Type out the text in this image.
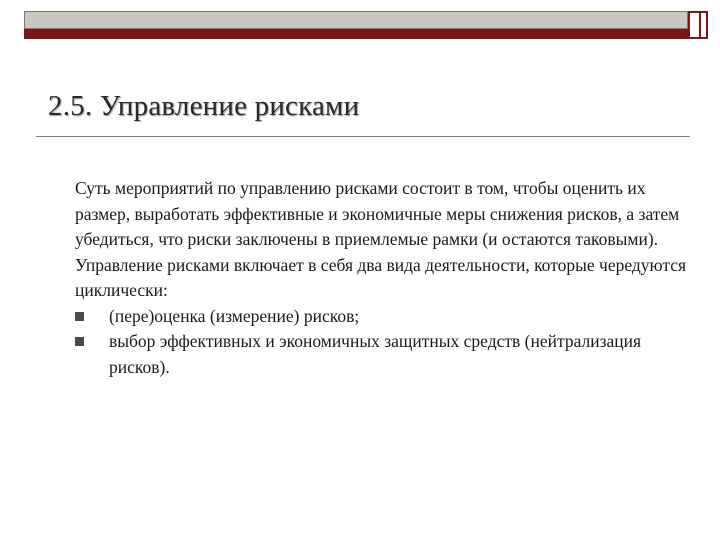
2.5. Управление рисками

Суть мероприятий по управлению рисками состоит в том, чтобы оценить их размер, выработать эффективные и экономичные меры снижения рисков, а затем убедиться, что риски заключены в приемлемые рамки (и остаются таковыми).

Управление рисками включает в себя два вида деятельности, которые чередуются циклически:

(пере)оценка (измерение) рисков;
выбор эффективных и экономичных защитных средств (нейтрализация рисков).
